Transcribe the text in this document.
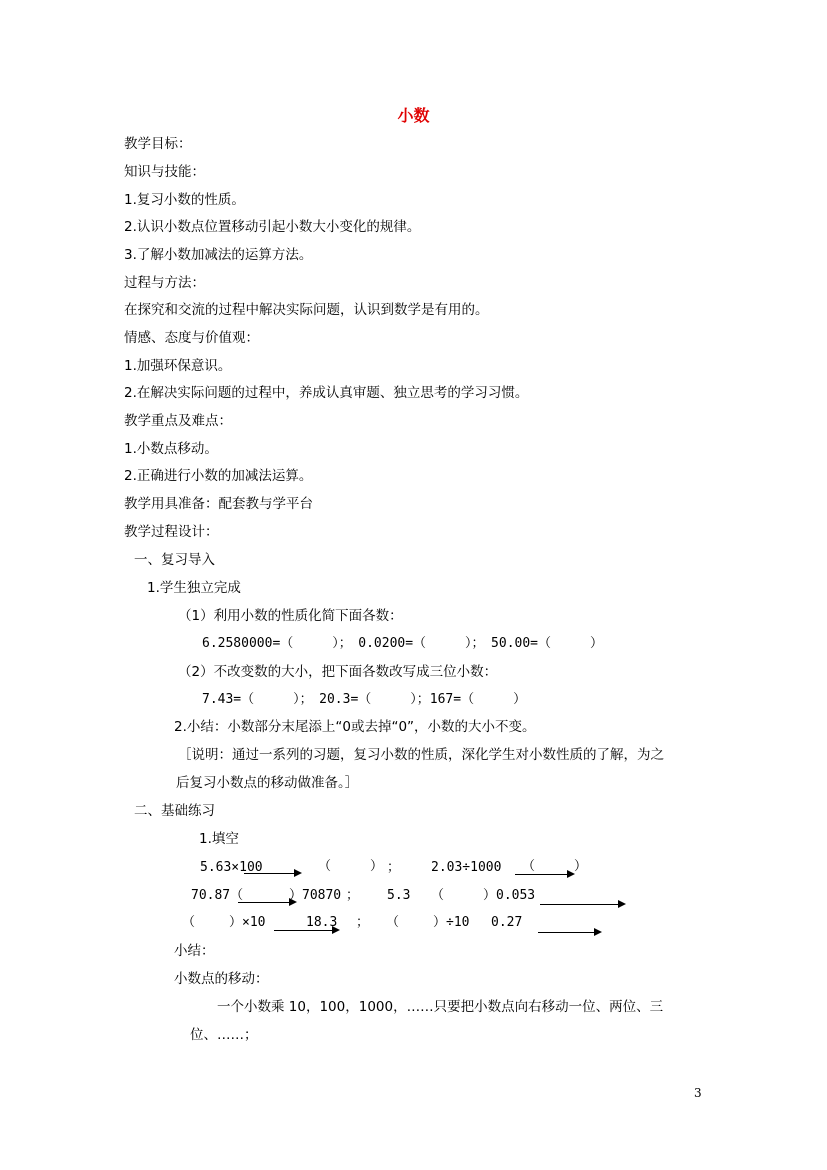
小数
教学目标：
知识与技能：
1.复习小数的性质。
2.认识小数点位置移动引起小数大小变化的规律。
3.了解小数加减法的运算方法。
过程与方法：
在探究和交流的过程中解决实际问题，认识到数学是有用的。
情感、态度与价值观：
1.加强环保意识。
2.在解决实际问题的过程中，养成认真审题、独立思考的学习习惯。
教学重点及难点：
1.小数点移动。
2.正确进行小数的加减法运算。
教学用具准备：配套教与学平台
教学过程设计：
一、复习导入
1.学生独立完成
（1）利用小数的性质化简下面各数：
6.2580000=（　　　）；　0.0200=（　　　）；　50.00=（　　　）
（2）不改变数的大小，把下面各数改写成三位小数：
7.43=（　　　）；　20.3=（　　　）；167=（　　　）
2.小结：小数部分末尾添上“0或去掉“0”，小数的大小不变。
［说明：通过一系列的习题，复习小数的性质，深化学生对小数性质的了解，为之
后复习小数点的移动做准备。］
二、基础练习
1.填空
5.63×100	（　　　） ； 2.03÷1000 （　　　）
70.87（	）70870 ； 5.3 （	）0.053
（	）×10	18.3 ； （	）÷10 0.27
小结：
小数点的移动：
一个小数乘 10，100，1000，……只要把小数点向右移动一位、两位、三
位、……；
3
